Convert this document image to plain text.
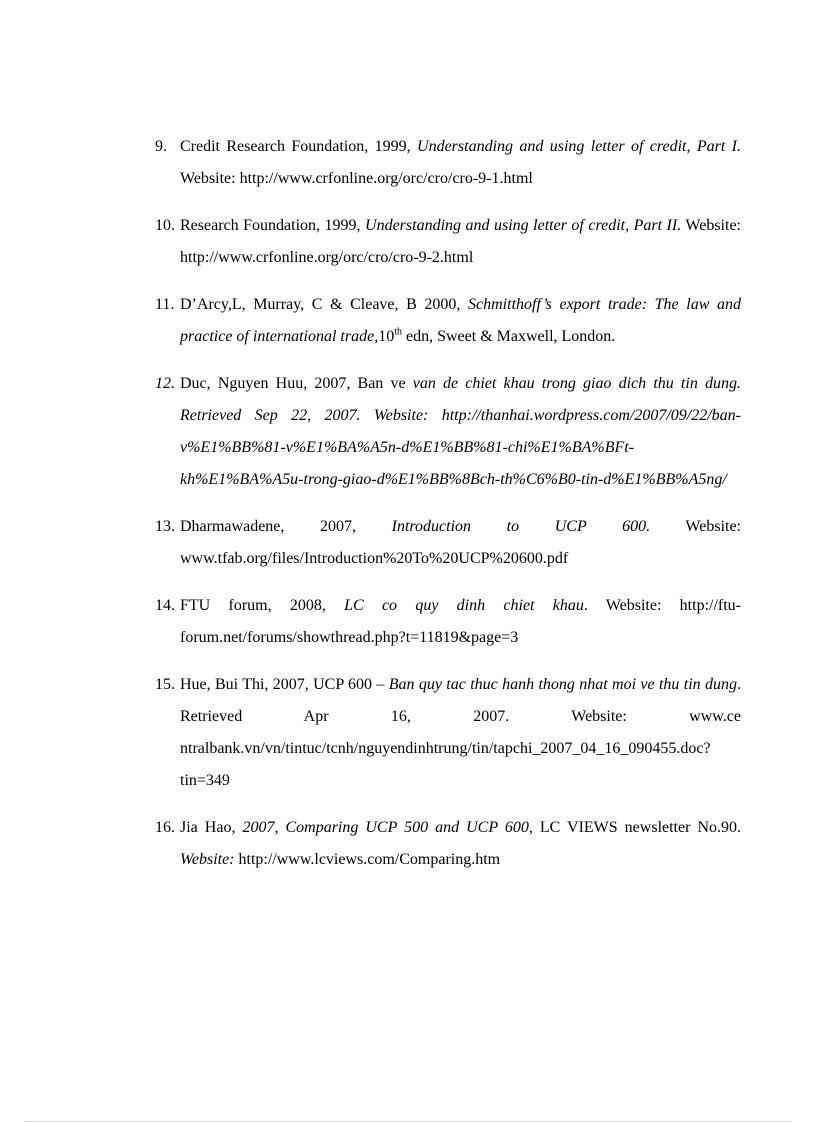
9. Credit Research Foundation, 1999, Understanding and using letter of credit, Part I. Website: http://www.crfonline.org/orc/cro/cro-9-1.html
10. Research Foundation, 1999, Understanding and using letter of credit, Part II. Website: http://www.crfonline.org/orc/cro/cro-9-2.html
11. D’Arcy,L, Murray, C & Cleave, B 2000, Schmitthoff’s export trade: The law and practice of international trade,10th edn, Sweet & Maxwell, London.
12. Duc, Nguyen Huu, 2007, Ban ve van de chiet khau trong giao dich thu tin dung. Retrieved Sep 22, 2007. Website: http://thanhai.wordpress.com/2007/09/22/ban-v%E1%BB%81-v%E1%BA%A5n-d%E1%BB%81-chi%E1%BA%BFt-kh%E1%BA%A5u-trong-giao-d%E1%BB%8Bch-th%C6%B0-tin-d%E1%BB%A5ng/
13. Dharmawadene, 2007, Introduction to UCP 600. Website: www.tfab.org/files/Introduction%20To%20UCP%20600.pdf
14. FTU forum, 2008, LC co quy dinh chiet khau. Website: http://ftu-forum.net/forums/showthread.php?t=11819&page=3
15. Hue, Bui Thi, 2007, UCP 600 – Ban quy tac thuc hanh thong nhat moi ve thu tin dung. Retrieved Apr 16, 2007. Website: www.ce ntralbank.vn/vn/tintuc/tcnh/nguyendinhtrung/tin/tapchi_2007_04_16_090455.doc?tin=349
16. Jia Hao, 2007, Comparing UCP 500 and UCP 600, LC VIEWS newsletter No.90. Website: http://www.lcviews.com/Comparing.htm
